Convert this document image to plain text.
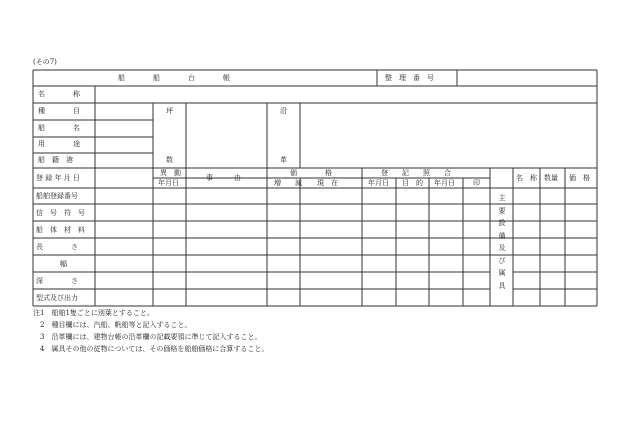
(その7)
船　　　　船　　　　台　　　　帳	整　理　番　号
名　　　　称
種　　　　目
船　　　　名
用　　　　途
船　籍　港
坪
数
沿
革
登 録 年 月 日
船舶登録番号
信　号　符　号
船　体　材　料
長　　　　さ
幅
深　　　　さ
型式及び出力
異　動
年月日
事　　　由
価　　　　格
増　　減 現　在
登　　記　　照　　合
年月日 目　的 年月日	印
主要設備及び属具
名　称 数量 価　格
注1　船舶1隻ごとに別葉とすること。
2　種目欄には、汽船、帆船等と記入すること。
3　沿革欄には、建物台帳の沿革欄の記載要領に準じて記入すること。
4　属具その他の従物については、その価格を船舶価格に合算すること。
